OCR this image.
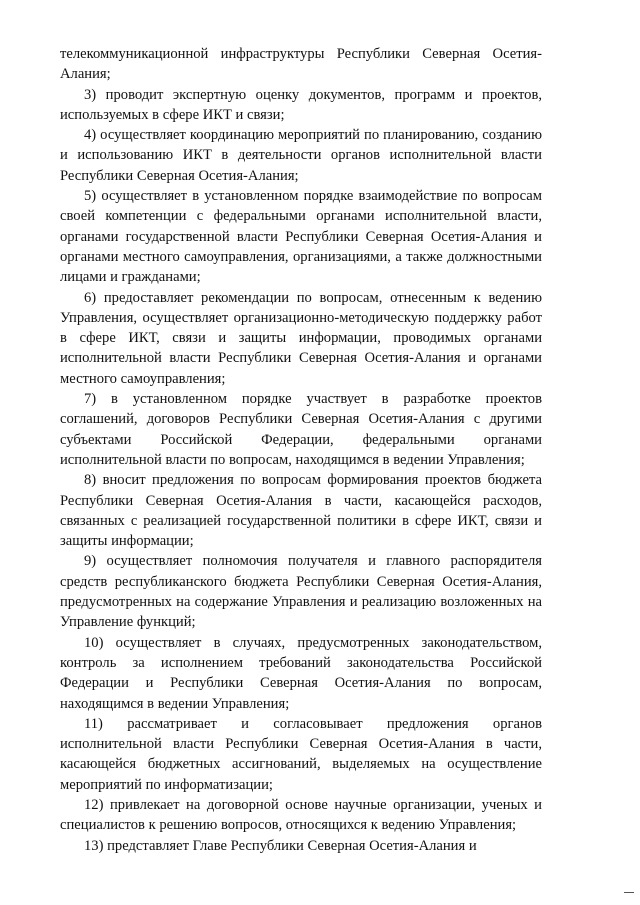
телекоммуникационной инфраструктуры Республики Северная Осетия-Алания;

3) проводит экспертную оценку документов, программ и проектов, используемых в сфере ИКТ и связи;

4) осуществляет координацию мероприятий по планированию, созданию и использованию ИКТ в деятельности органов исполнительной власти Республики Северная Осетия-Алания;

5) осуществляет в установленном порядке взаимодействие по вопросам своей компетенции с федеральными органами исполнительной власти, органами государственной власти Республики Северная Осетия-Алания и органами местного самоуправления, организациями, а также должностными лицами и гражданами;

6) предоставляет рекомендации по вопросам, отнесенным к ведению Управления, осуществляет организационно-методическую поддержку работ в сфере ИКТ, связи и защиты информации, проводимых органами исполнительной власти Республики Северная Осетия-Алания и органами местного самоуправления;

7) в установленном порядке участвует в разработке проектов соглашений, договоров Республики Северная Осетия-Алания с другими субъектами Российской Федерации, федеральными органами исполнительной власти по вопросам, находящимся в ведении Управления;

8) вносит предложения по вопросам формирования проектов бюджета Республики Северная Осетия-Алания в части, касающейся расходов, связанных с реализацией государственной политики в сфере ИКТ, связи и защиты информации;

9) осуществляет полномочия получателя и главного распорядителя средств республиканского бюджета Республики Северная Осетия-Алания, предусмотренных на содержание Управления и реализацию возложенных на Управление функций;

10) осуществляет в случаях, предусмотренных законодательством, контроль за исполнением требований законодательства Российской Федерации и Республики Северная Осетия-Алания по вопросам, находящимся в ведении Управления;

11) рассматривает и согласовывает предложения органов исполнительной власти Республики Северная Осетия-Алания в части, касающейся бюджетных ассигнований, выделяемых на осуществление мероприятий по информатизации;

12) привлекает на договорной основе научные организации, ученых и специалистов к решению вопросов, относящихся к ведению Управления;

13) представляет Главе Республики Северная Осетия-Алания и
